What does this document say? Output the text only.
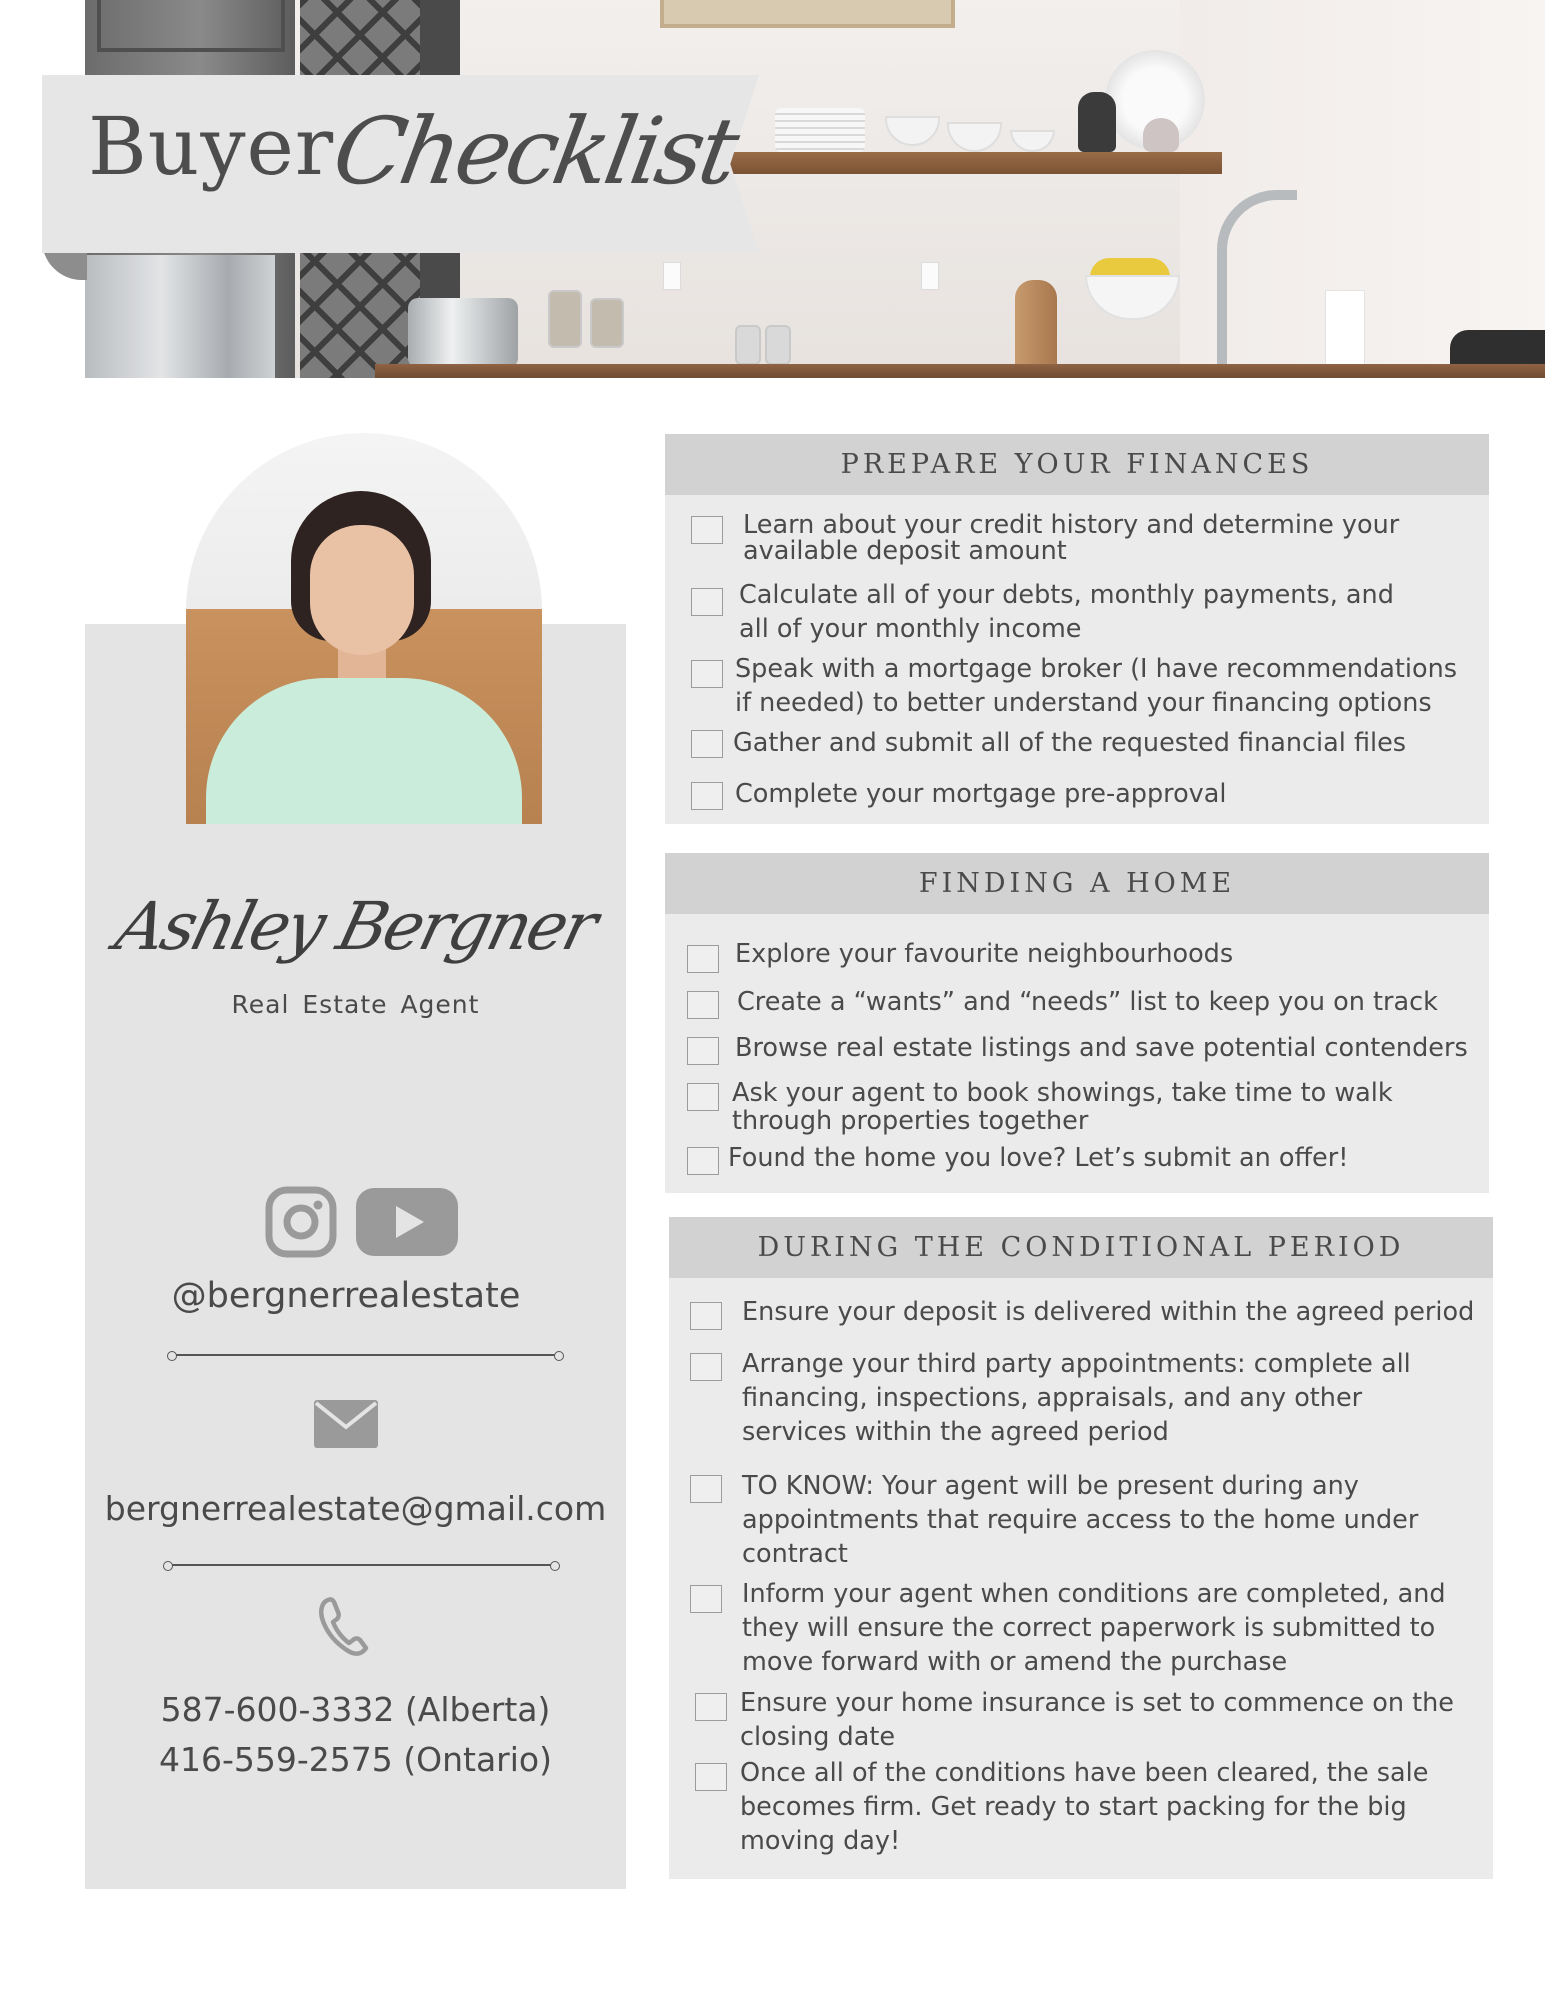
Buyer
Checklist
Ashley Bergner
Real Estate Agent
@bergnerrealestate
bergnerrealestate@gmail.com
587-600-3332 (Alberta)
416-559-2575 (Ontario)
PREPARE YOUR FINANCES
Learn about your credit history and determine your
available deposit amount
Calculate all of your debts, monthly payments, and
all of your monthly income
Speak with a mortgage broker (I have recommendations
if needed) to better understand your financing options
Gather and submit all of the requested financial files
Complete your mortgage pre-approval
FINDING A HOME
Explore your favourite neighbourhoods
Create a “wants” and “needs” list to keep you on track
Browse real estate listings and save potential contenders
Ask your agent to book showings, take time to walk
through properties together
Found the home you love? Let’s submit an offer!
DURING THE CONDITIONAL PERIOD
Ensure your deposit is delivered within the agreed period
Arrange your third party appointments: complete all
financing, inspections, appraisals, and any other
services within the agreed period
TO KNOW: Your agent will be present during any
appointments that require access to the home under
contract
Inform your agent when conditions are completed, and
they will ensure the correct paperwork is submitted to
move forward with or amend the purchase
Ensure your home insurance is set to commence on the
closing date
Once all of the conditions have been cleared, the sale
becomes firm. Get ready to start packing for the big
moving day!
